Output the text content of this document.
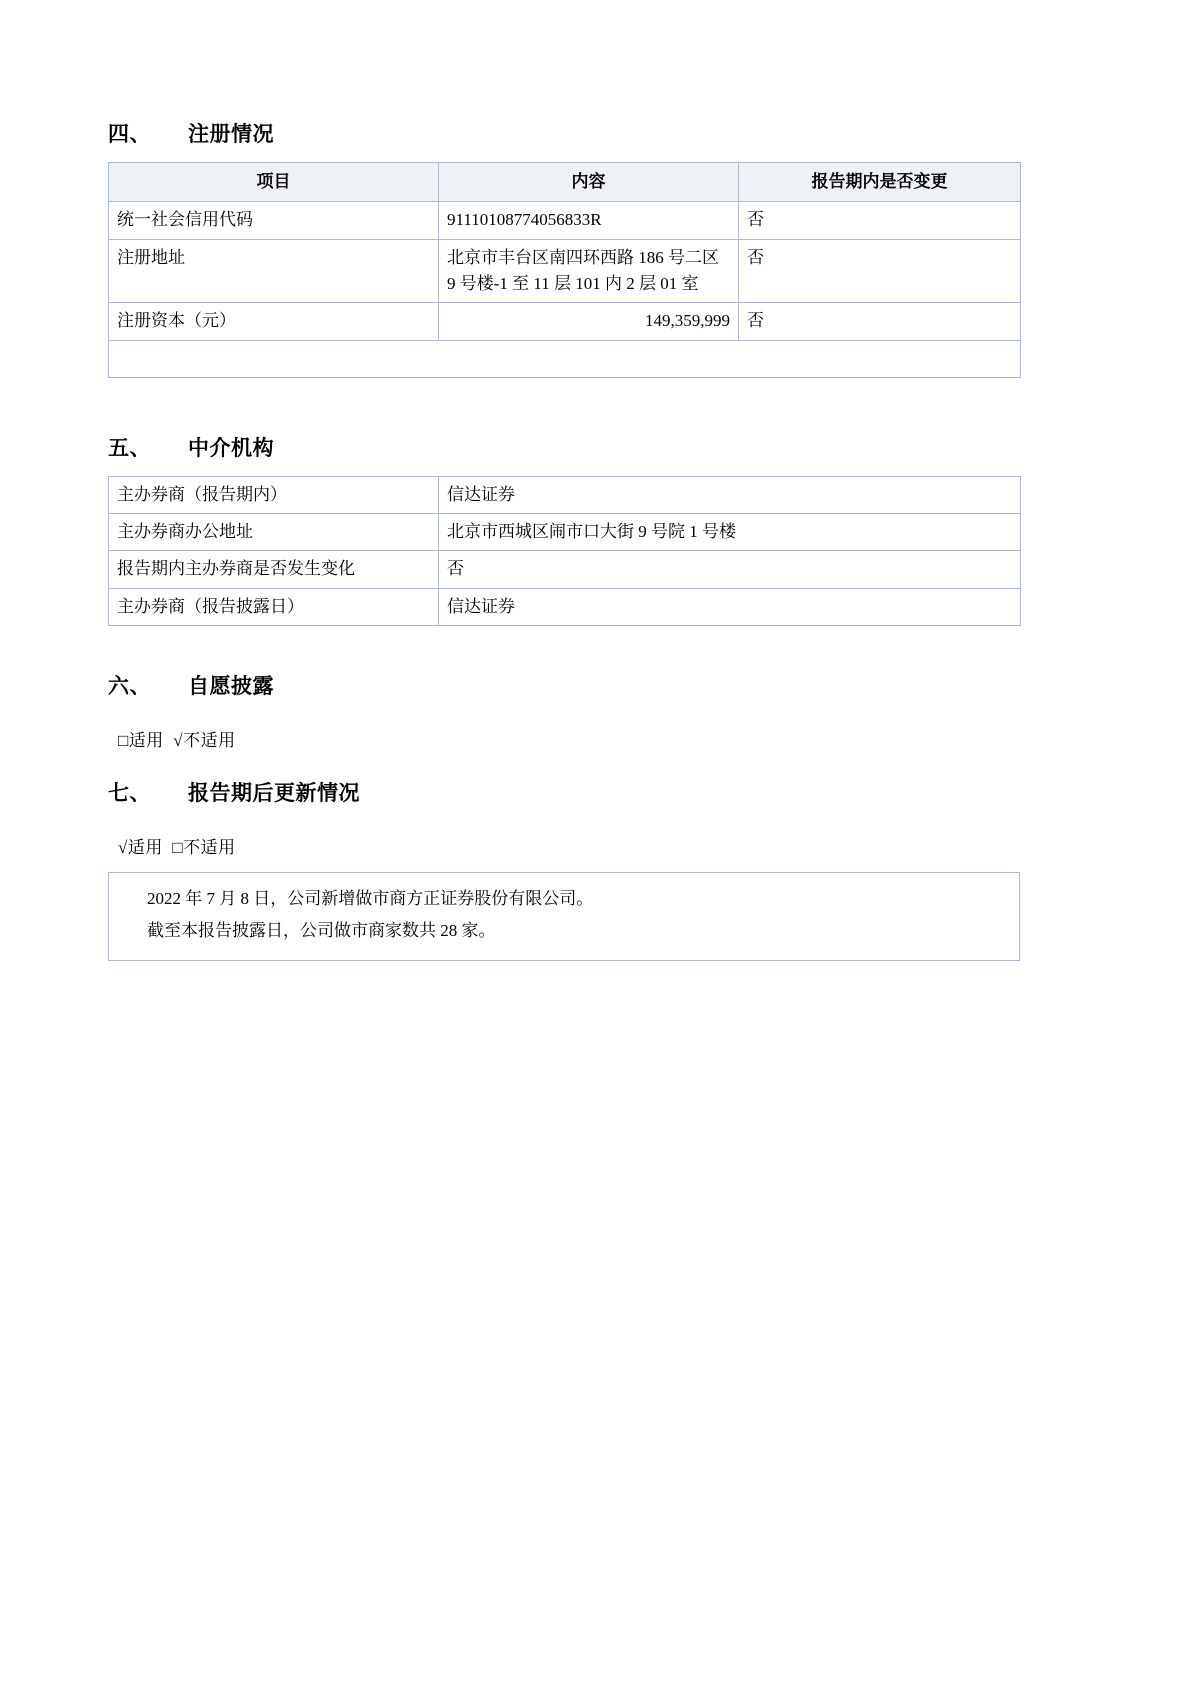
四、	注册情况
项目	内容	报告期内是否变更
统一社会信用代码	91110108774056833R	否
注册地址	北京市丰台区南四环西路 186 号二区 9 号楼-1 至 11 层 101 内 2 层 01 室	否
注册资本（元）	149,359,999	否

五、	中介机构
主办券商（报告期内）	信达证券
主办券商办公地址	北京市西城区闹市口大街 9 号院 1 号楼
报告期内主办券商是否发生变化	否
主办券商（报告披露日）	信达证券
六、	自愿披露

□适用 √不适用

七、	报告期后更新情况

√适用 □不适用

2022 年 7 月 8 日，公司新增做市商方正证券股份有限公司。
截至本报告披露日，公司做市商家数共 28 家。
